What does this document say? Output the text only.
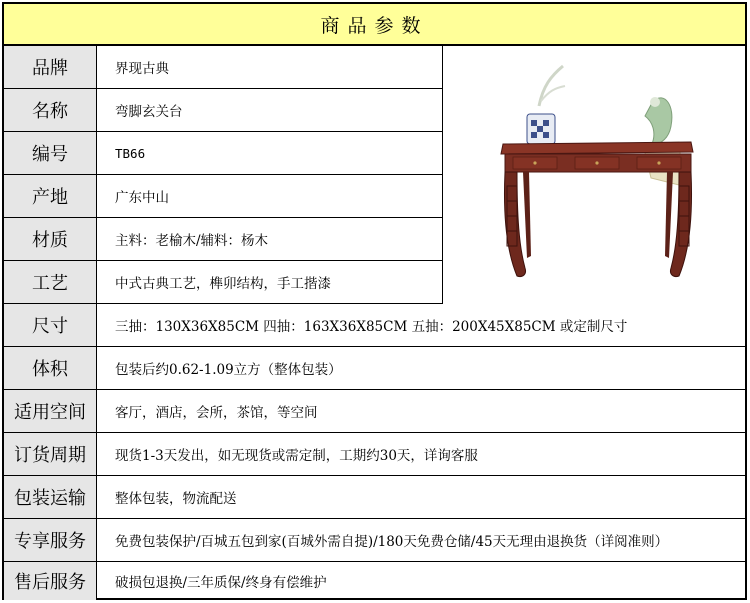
商品参数
品牌	界现古典
名称	弯脚玄关台
编号	TB66
产地	广东中山
材质	主料：老榆木/辅料：杨木
工艺	中式古典工艺，榫卯结构，手工揩漆
尺寸	三抽：130X36X85CM 四抽：163X36X85CM 五抽：200X45X85CM 或定制尺寸
体积	包装后约0.62-1.09立方（整体包装）
适用空间	客厅，酒店，会所，茶馆，等空间
订货周期	现货1-3天发出，如无现货或需定制，工期约30天，详询客服
包装运输	整体包装，物流配送
专享服务	免费包装保护/百城五包到家(百城外需自提)/180天免费仓储/45天无理由退换货（详阅准则）
售后服务	破损包退换/三年质保/终身有偿维护
